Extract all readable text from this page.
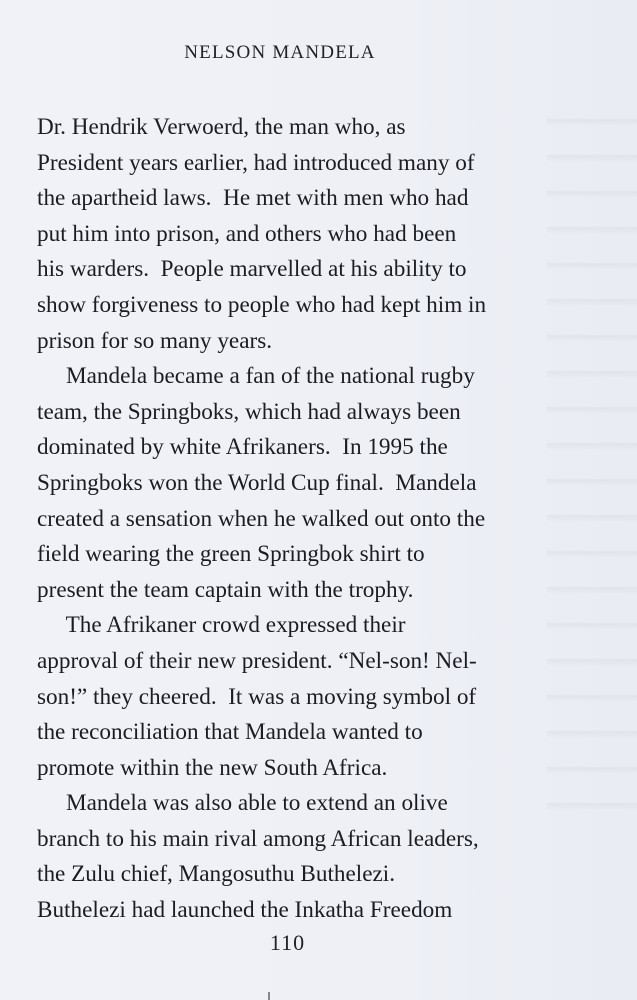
NELSON MANDELA
Dr. Hendrik Verwoerd, the man who, as
President years earlier, had introduced many of
the apartheid laws.  He met with men who had
put him into prison, and others who had been
his warders.  People marvelled at his ability to
show forgiveness to people who had kept him in
prison for so many years.
Mandela became a fan of the national rugby
team, the Springboks, which had always been
dominated by white Afrikaners.  In 1995 the
Springboks won the World Cup final.  Mandela
created a sensation when he walked out onto the
field wearing the green Springbok shirt to
present the team captain with the trophy.
The Afrikaner crowd expressed their
approval of their new president. “Nel-son! Nel-
son!” they cheered.  It was a moving symbol of
the reconciliation that Mandela wanted to
promote within the new South Africa.
Mandela was also able to extend an olive
branch to his main rival among African leaders,
the Zulu chief, Mangosuthu Buthelezi.
Buthelezi had launched the Inkatha Freedom
110
